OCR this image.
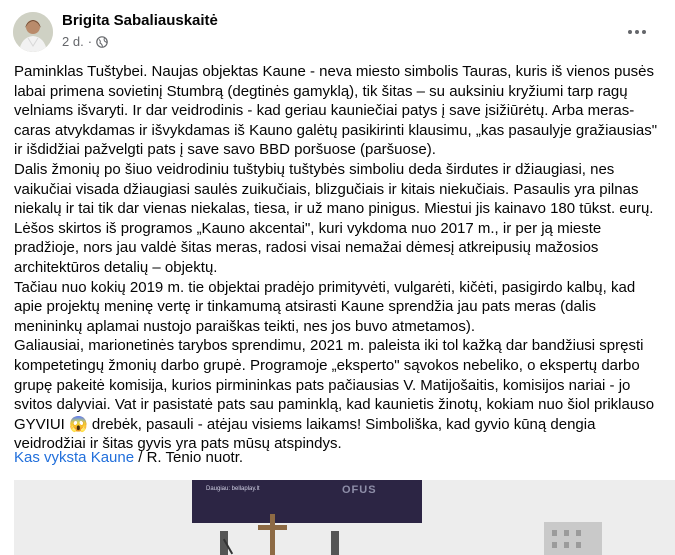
Brigita Sabaliauskaitė
2 d. ·

Paminklas Tuštybei. Naujas objektas Kaune - neva miesto simbolis Tauras, kuris iš vienos pusės labai primena sovietinį Stumbrą (degtinės gamyklą), tik šitas – su auksiniu kryžiumi tarp ragų velniams išvaryti. Ir dar veidrodinis - kad geriau kauniečiai patys į save įsižiūrėtų. Arba meras-caras atvykdamas ir išvykdamas iš Kauno galėtų pasikirinti klausimu, „kas pasaulyje gražiausias" ir išdidžiai pažvelgti pats į save savo BBD poršuose (paršuose).

Dalis žmonių po šiuo veidrodiniu tuštybių tuštybės simboliu deda širdutes ir džiaugiasi, nes vaikučiai visada džiaugiasi saulės zuikučiais, blizgučiais ir kitais niekučiais. Pasaulis yra pilnas niekalų ir tai tik dar vienas niekalas, tiesa, ir už mano pinigus. Miestui jis kainavo 180 tūkst. eurų. Lėšos skirtos iš programos „Kauno akcentai", kuri vykdoma nuo 2017 m., ir per ją mieste pradžioje, nors jau valdė šitas meras, radosi visai nemažai dėmesį atkreipusių mažosios architektūros detalių – objektų.

Tačiau nuo kokių 2019 m. tie objektai pradėjo primityvėti, vulgarėti, kičėti, pasigirdo kalbų, kad apie projektų meninę vertę ir tinkamumą atsirasti Kaune sprendžia jau pats meras (dalis menininkų aplamai nustojo paraiškas teikti, nes jos buvo atmetamos).

Galiausiai, marionetinės tarybos sprendimu, 2021 m. paleista iki tol kažką dar bandžiusi spręsti kompetetingų žmonių darbo grupė. Programoje „eksperto" sąvokos nebeliko, o ekspertų darbo grupę pakeitė komisija, kurios pirmininkas pats pačiausias V. Matijošaitis, komisijos nariai - jo svitos dalyviai. Vat ir pasistatė pats sau paminklą, kad kaunietis žinotų, kokiam nuo šiol priklauso GYVIUI 😱 drebėk, pasauli - atėjau visiems laikams! Simboliška, kad gyvio kūną dengia veidrodžiai ir šitas gyvis yra pats mūsų atspindys.

Kas vyksta Kaune / R. Tenio nuotr.
Daugiau: bellaplay.lt	OFUS
